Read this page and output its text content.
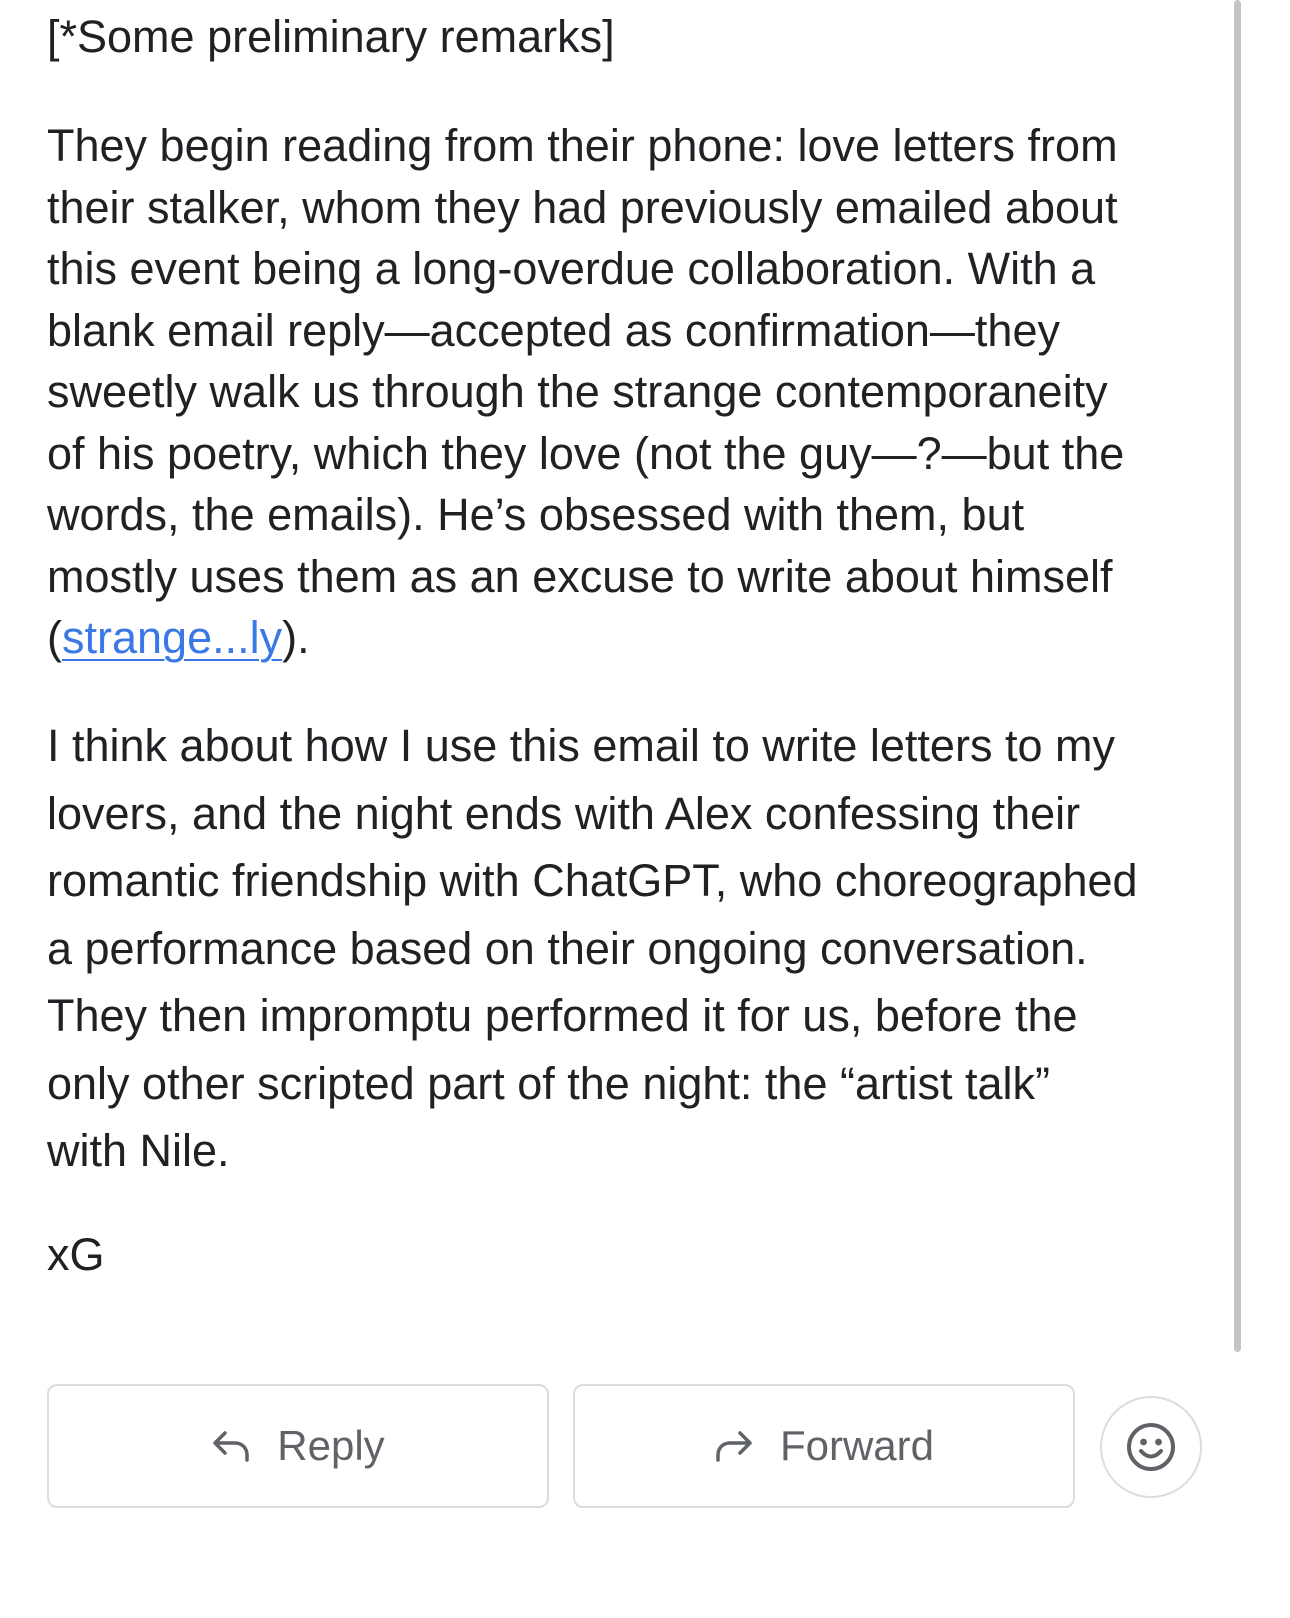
[*Some preliminary remarks]
They begin reading from their phone: love letters from
their stalker, whom they had previously emailed about
this event being a long-overdue collaboration. With a
blank email reply—accepted as confirmation—they
sweetly walk us through the strange contemporaneity
of his poetry, which they love (not the guy—?—but the
words, the emails). He’s obsessed with them, but
mostly uses them as an excuse to write about himself
(strange...ly).
I think about how I use this email to write letters to my
lovers, and the night ends with Alex confessing their
romantic friendship with ChatGPT, who choreographed
a performance based on their ongoing conversation.
They then impromptu performed it for us, before the
only other scripted part of the night: the “artist talk”
with Nile.
xG
Reply	Forward
